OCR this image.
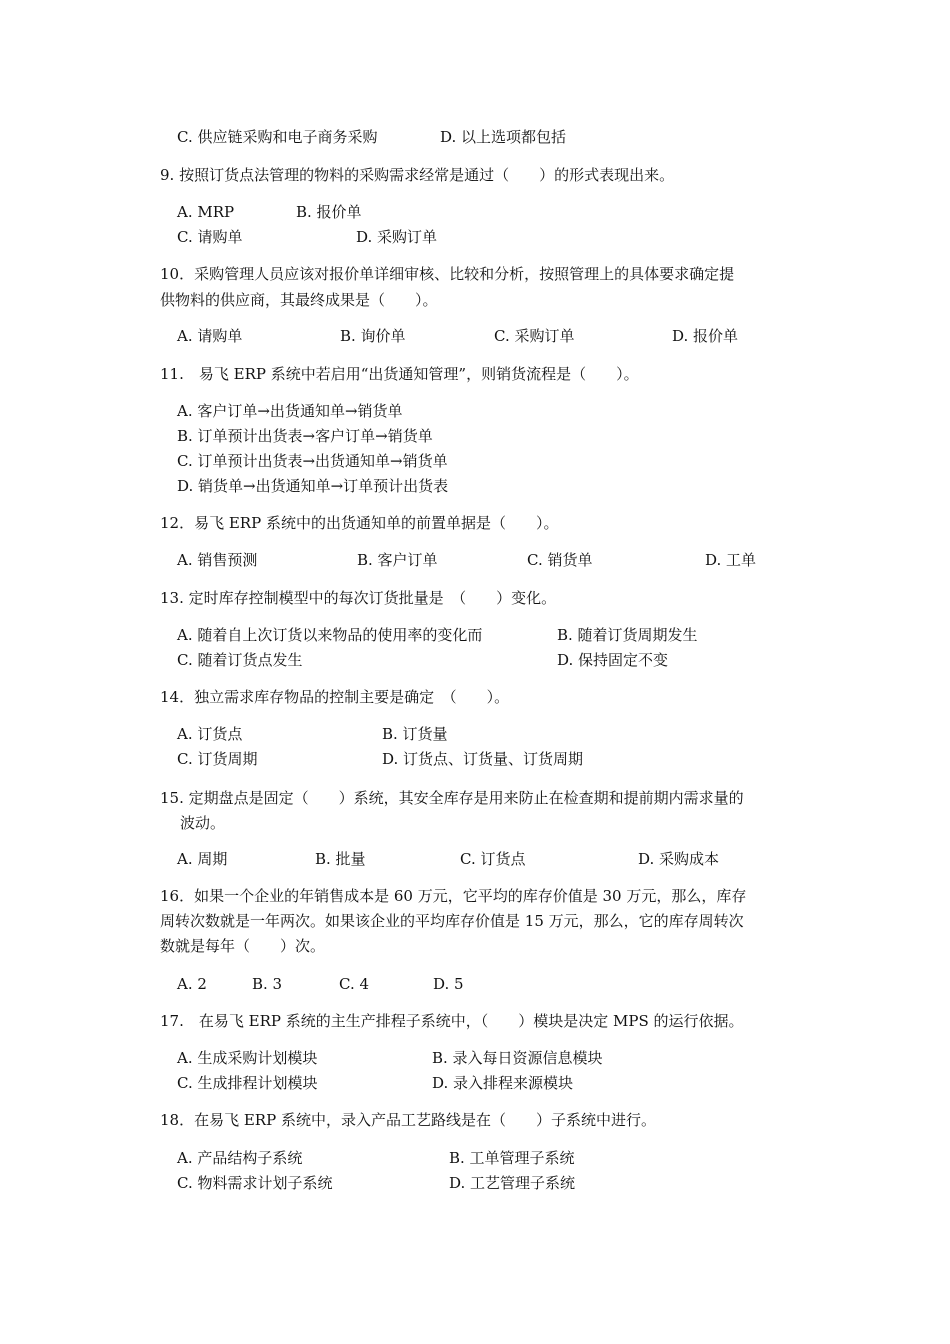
C. 供应链采购和电子商务采购	D. 以上选项都包括
9. 按照订货点法管理的物料的采购需求经常是通过（　　）的形式表现出来。
A. MRP	B. 报价单
C. 请购单	D. 采购订单
10．采购管理人员应该对报价单详细审核、比较和分析，按照管理上的具体要求确定提
供物料的供应商，其最终成果是（　　）。
A. 请购单	B. 询价单	C. 采购订单	D. 报价单
11.　易飞 ERP 系统中若启用“出货通知管理”，则销货流程是（　　）。
A. 客户订单→出货通知单→销货单
B. 订单预计出货表→客户订单→销货单
C. 订单预计出货表→出货通知单→销货单
D. 销货单→出货通知单→订单预计出货表
12．易飞 ERP 系统中的出货通知单的前置单据是（　　）。
A. 销售预测	B. 客户订单	C. 销货单	D. 工单
13. 定时库存控制模型中的每次订货批量是　（　　）变化。
A. 随着自上次订货以来物品的使用率的变化而	B. 随着订货周期发生
C. 随着订货点发生	D. 保持固定不变
14．独立需求库存物品的控制主要是确定　（　　）。
A. 订货点	B. 订货量
C. 订货周期	D. 订货点、订货量、订货周期
15. 定期盘点是固定（　　）系统，其安全库存是用来防止在检查期和提前期内需求量的
波动。
A. 周期	B. 批量	C. 订货点	D. 采购成本
16．如果一个企业的年销售成本是 60 万元，它平均的库存价值是 30 万元，那么，库存
周转次数就是一年两次。如果该企业的平均库存价值是 15 万元，那么，它的库存周转次
数就是每年（　　）次。
A. 2	B. 3	C. 4	D. 5
17.　在易飞 ERP 系统的主生产排程子系统中，（　　）模块是决定 MPS 的运行依据。
A. 生成采购计划模块	B. 录入每日资源信息模块
C. 生成排程计划模块	D. 录入排程来源模块
18．在易飞 ERP 系统中，录入产品工艺路线是在（　　）子系统中进行。
A. 产品结构子系统	B. 工单管理子系统
C. 物料需求计划子系统	D. 工艺管理子系统
